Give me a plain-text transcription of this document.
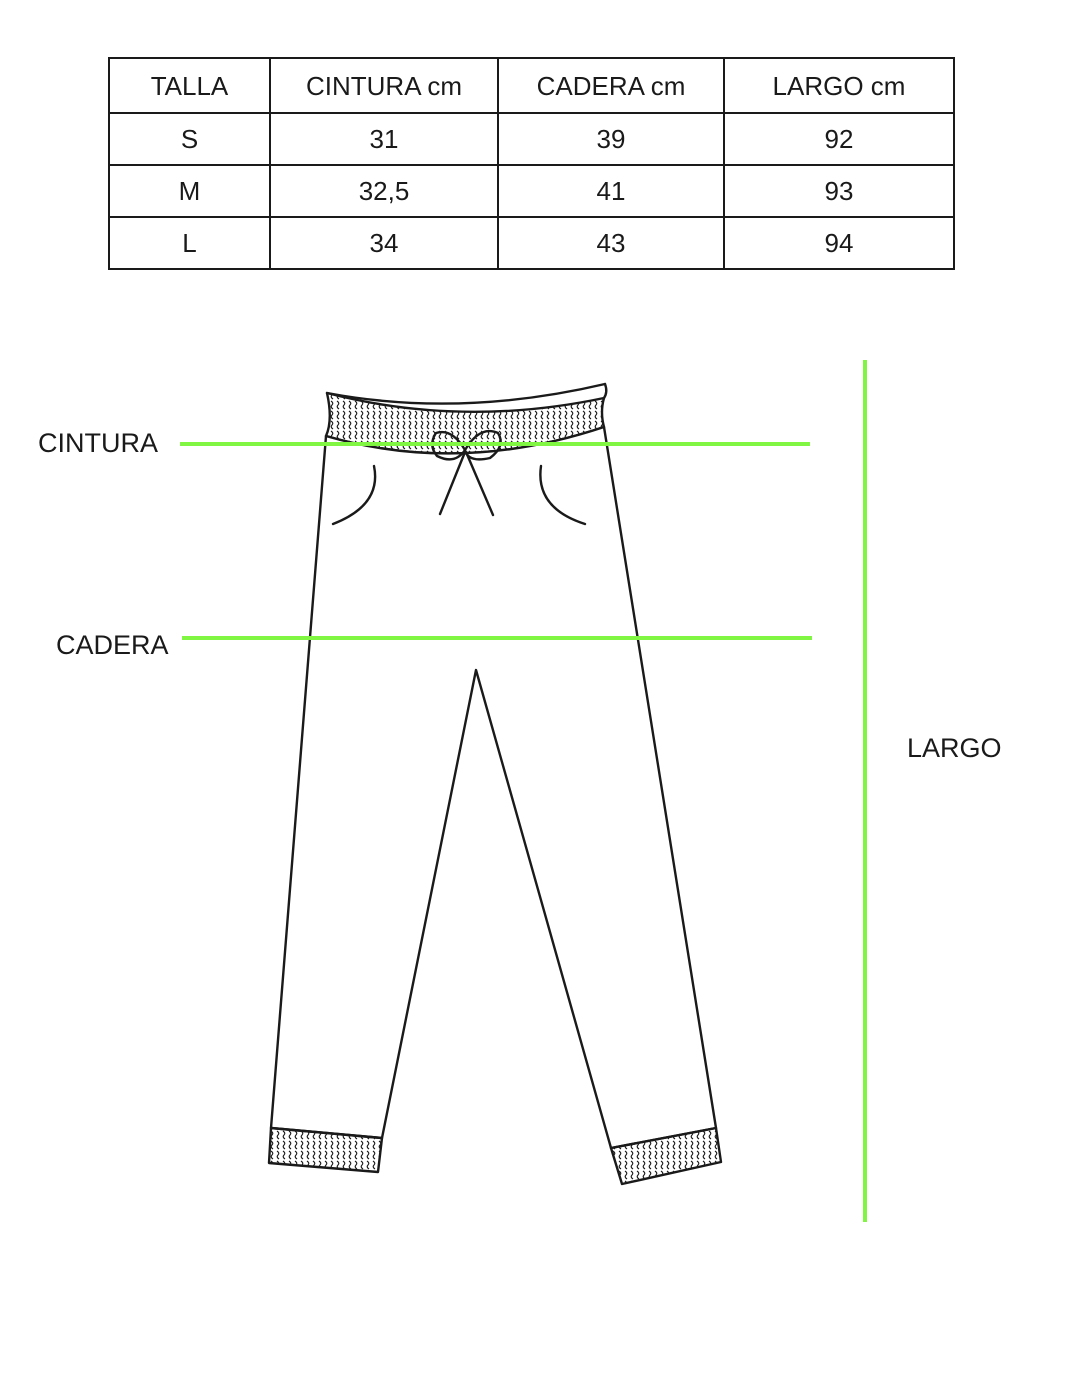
TALLA	CINTURA cm	CADERA cm	LARGO cm
S	31	39	92
M	32,5	41	93
L	34	43	94
CINTURA
CADERA
LARGO
